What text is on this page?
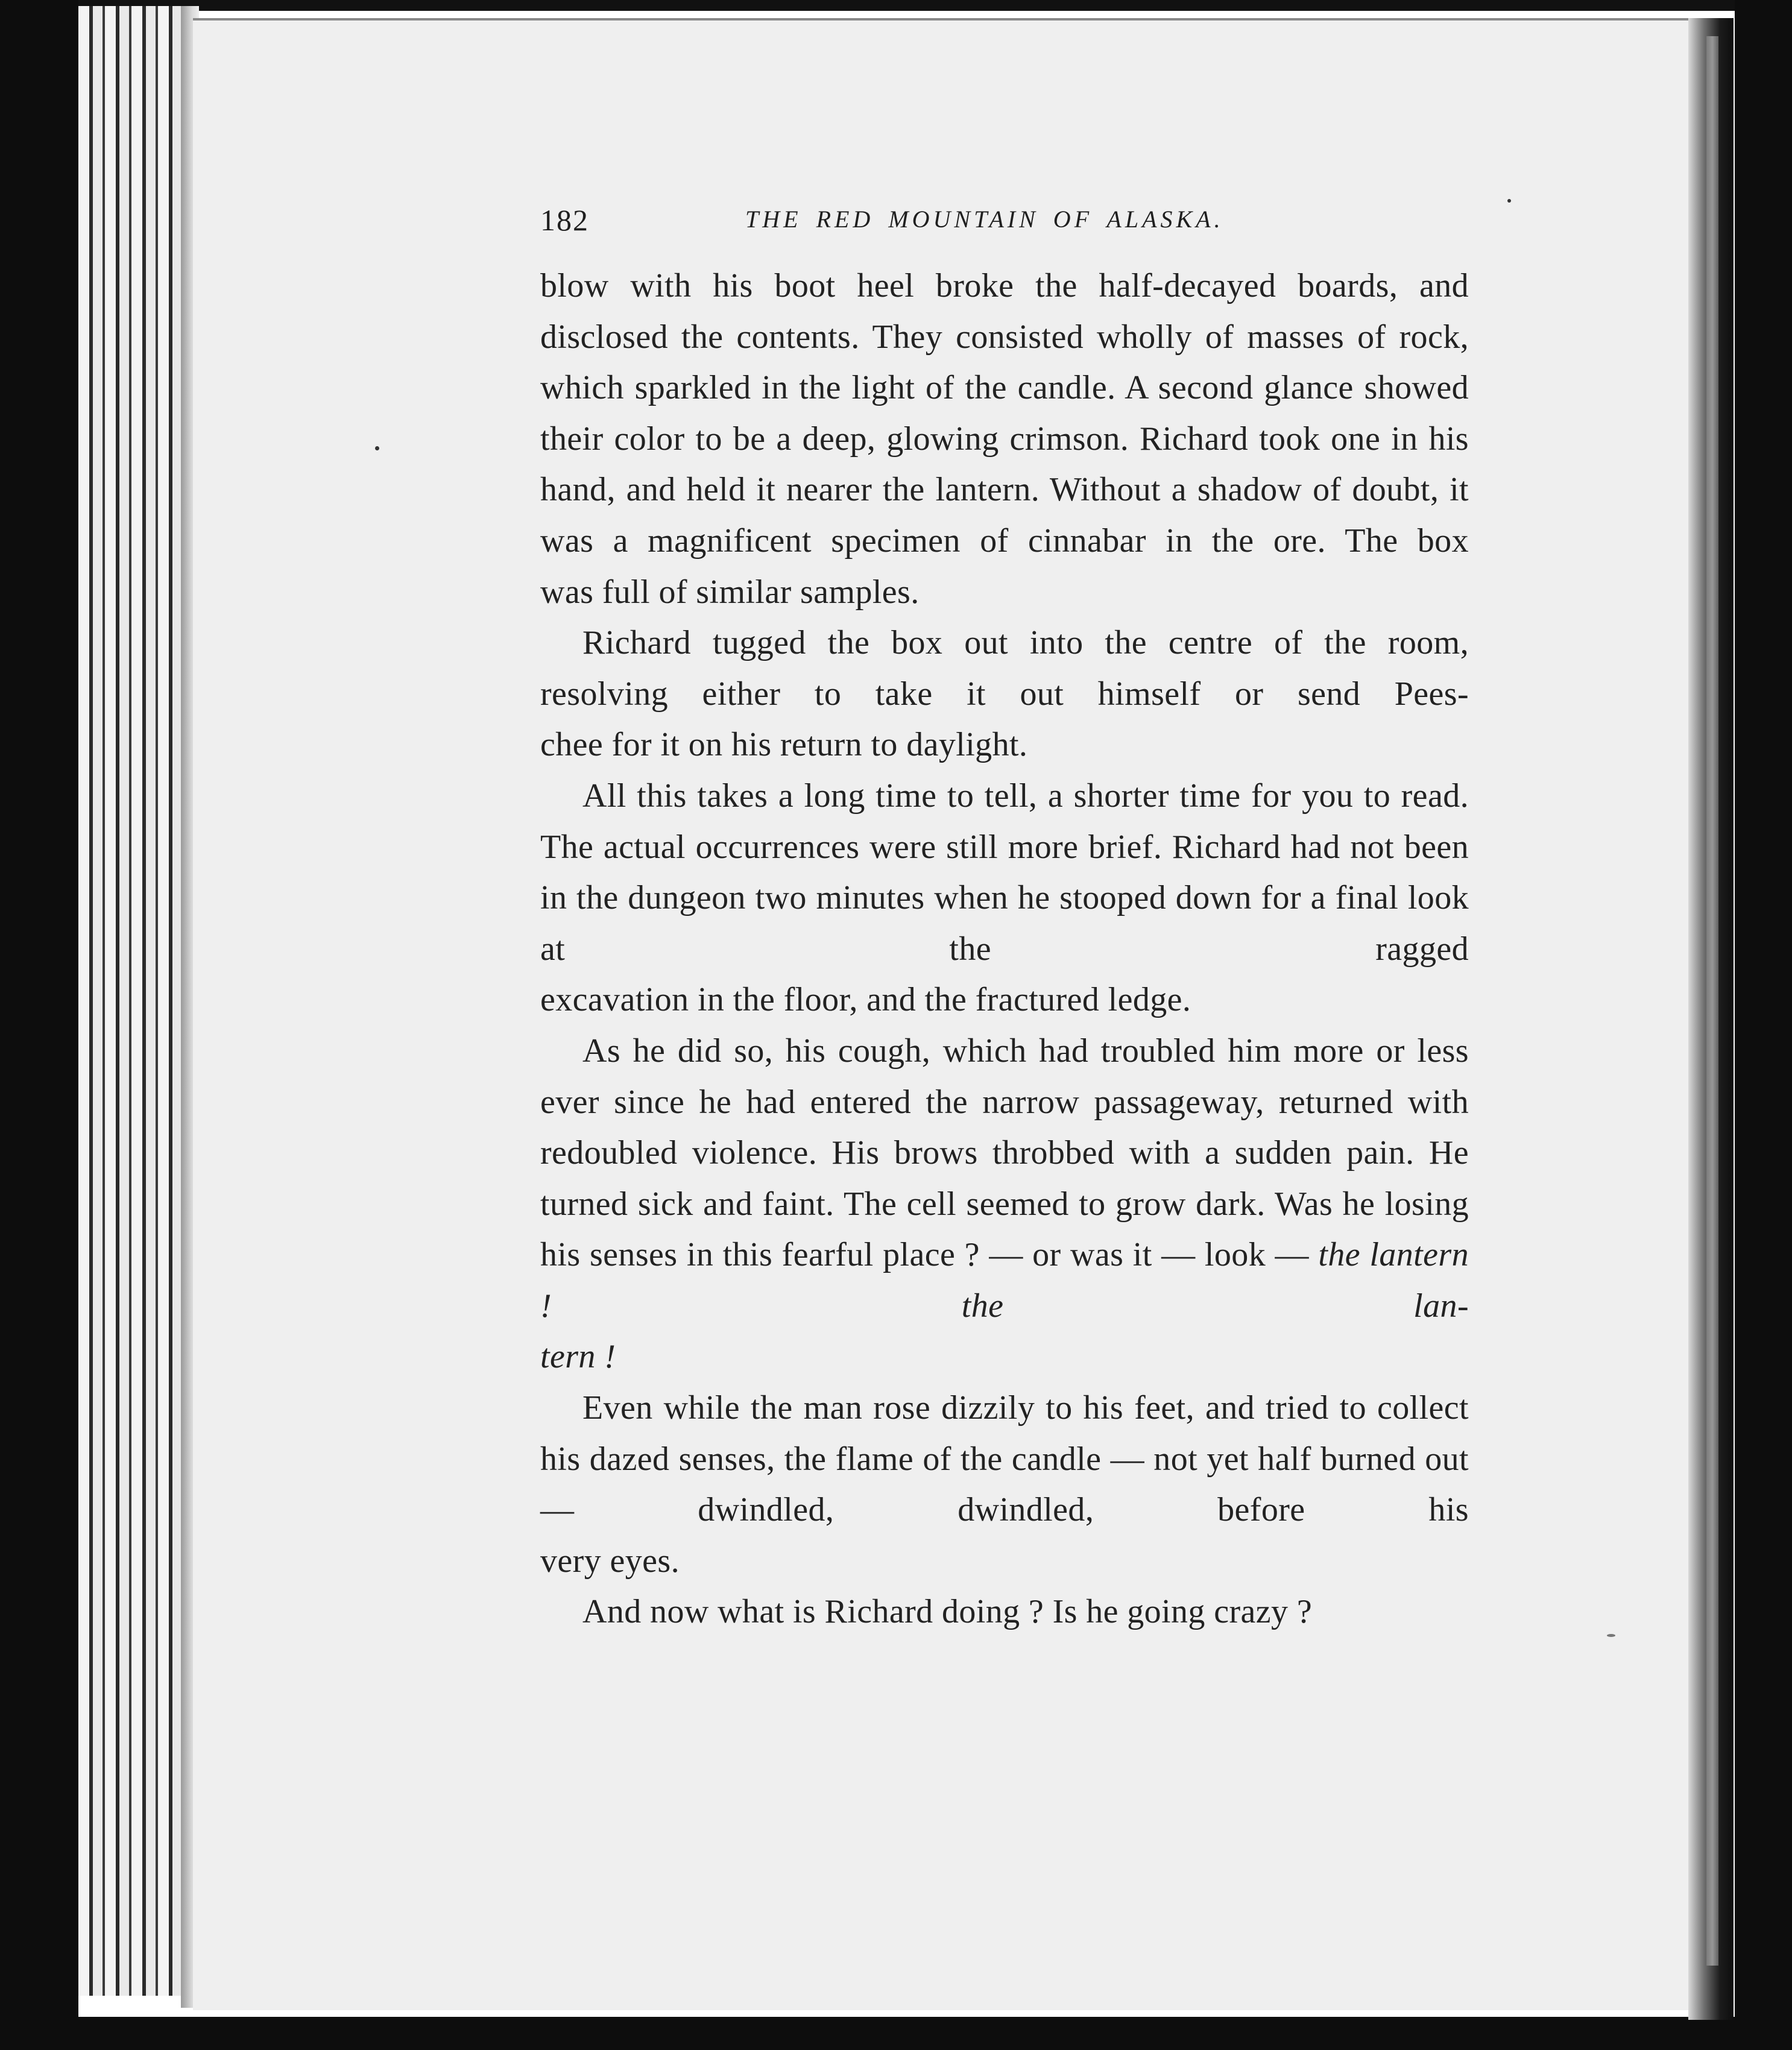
182	THE RED MOUNTAIN OF ALASKA.

blow with his boot heel broke the half-decayed boards, and disclosed the contents. They consisted wholly of masses of rock, which sparkled in the light of the candle. A second glance showed their color to be a deep, glowing crimson. Richard took one in his hand, and held it nearer the lantern. Without a shadow of doubt, it was a magnificent specimen of cinnabar in the ore. The box

was full of similar samples.

Richard tugged the box out into the centre of the room, resolving either to take it out himself or send Pees-

chee for it on his return to daylight.

All this takes a long time to tell, a shorter time for you to read. The actual occurrences were still more brief. Richard had not been in the dungeon two minutes when he stooped down for a final look at the ragged

excavation in the floor, and the fractured ledge.

As he did so, his cough, which had troubled him more or less ever since he had entered the narrow passageway, returned with redoubled violence. His brows throbbed with a sudden pain. He turned sick and faint. The cell seemed to grow dark. Was he losing his senses in this fearful place ? — or was it — look — the lantern ! the lan-

tern !

Even while the man rose dizzily to his feet, and tried to collect his dazed senses, the flame of the candle — not yet half burned out — dwindled, dwindled, before his

very eyes.

And now what is Richard doing ? Is he going crazy ?
